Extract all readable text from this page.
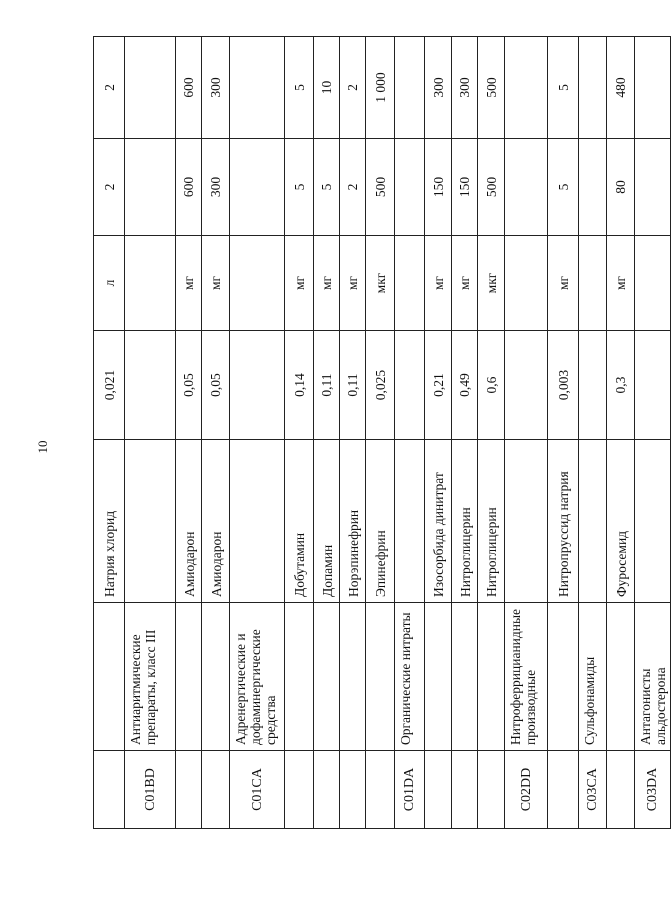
10
		Натрия хлорид	0,021	л	2	2
C01BD	Антиаритмические препараты, класс III					
		Амиодарон	0,05	мг	600	600
		Амиодарон	0,05	мг	300	300
C01CA	Адренергические и дофаминергические средства					
		Добутамин	0,14	мг	5	5
		Допамин	0,11	мг	5	10
		Норэпинефрин	0,11	мг	2	2
		Эпинефрин	0,025	мкг	500	1 000
C01DA	Органические нитраты					
		Изосорбида динитрат	0,21	мг	150	300
		Нитроглицерин	0,49	мг	150	300
		Нитроглицерин	0,6	мкг	500	500
C02DD	Нитроферрицианидные производные					
		Нитропруссид натрия	0,003	мг	5	5
C03CA	Сульфонамиды					
		Фуросемид	0,3	мг	80	480
C03DA	Антагонисты альдостерона					
